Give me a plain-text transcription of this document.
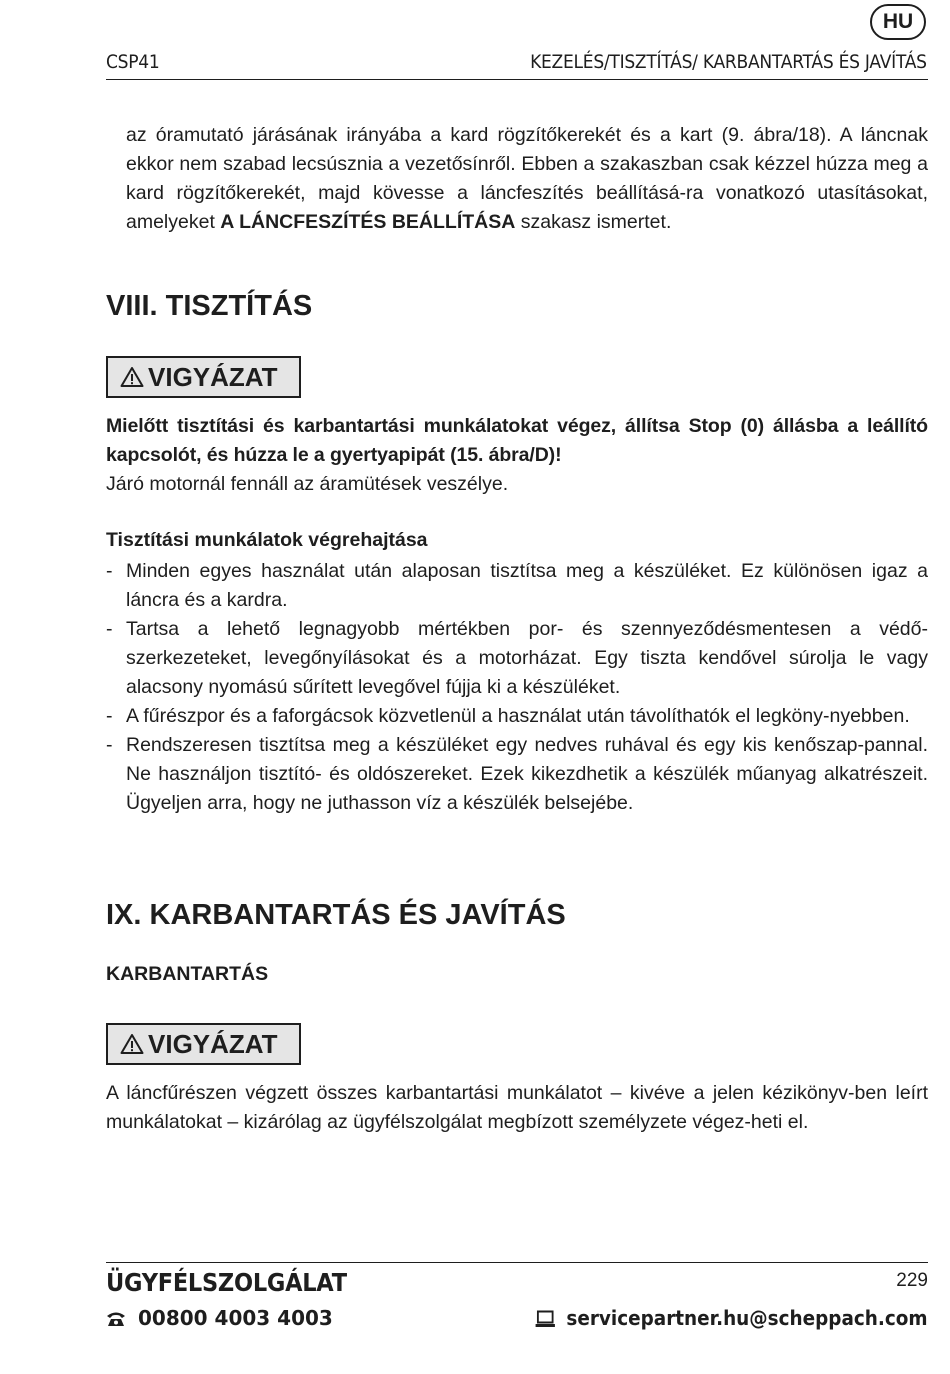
HU
CSP41	KEZELÉS/TISZTÍTÁS/ KARBANTARTÁS ÉS JAVÍTÁS
az óramutató járásának irányába a kard rögzítőkerekét és a kart (9. ábra/18). A láncnak ekkor nem szabad lecsúsznia a vezetősínről. Ebben a szakaszban csak kézzel húzza meg a kard rögzítőkerekét, majd kövesse a láncfeszítés beállításá-ra vonatkozó utasításokat, amelyeket A LÁNCFESZÍTÉS BEÁLLÍTÁSA szakasz ismertet.
VIII. TISZTÍTÁS
VIGYÁZAT
Mielőtt tisztítási és karbantartási munkálatokat végez, állítsa Stop (0) állásba a leállító kapcsolót, és húzza le a gyertyapipát (15. ábra/D)!
Járó motornál fennáll az áramütések veszélye.
Tisztítási munkálatok végrehajtása
- Minden egyes használat után alaposan tisztítsa meg a készüléket. Ez különösen igaz a láncra és a kardra.
- Tartsa a lehető legnagyobb mértékben por- és szennyeződésmentesen a védő-szerkezeteket, levegőnyílásokat és a motorházat. Egy tiszta kendővel súrolja le vagy alacsony nyomású sűrített levegővel fújja ki a készüléket.
- A fűrészpor és a faforgácsok közvetlenül a használat után távolíthatók el legköny-nyebben.
- Rendszeresen tisztítsa meg a készüléket egy nedves ruhával és egy kis kenőszap-pannal. Ne használjon tisztító- és oldószereket. Ezek kikezdhetik a készülék műanyag alkatrészeit. Ügyeljen arra, hogy ne juthasson víz a készülék belsejébe.
IX. KARBANTARTÁS ÉS JAVÍTÁS
KARBANTARTÁS
VIGYÁZAT
A láncfűrészen végzett összes karbantartási munkálatot – kivéve a jelen kézikönyv-ben leírt munkálatokat – kizárólag az ügyfélszolgálat megbízott személyzete végez-heti el.
ÜGYFÉLSZOLGÁLAT	229
00800 4003 4003	servicepartner.hu@scheppach.com
